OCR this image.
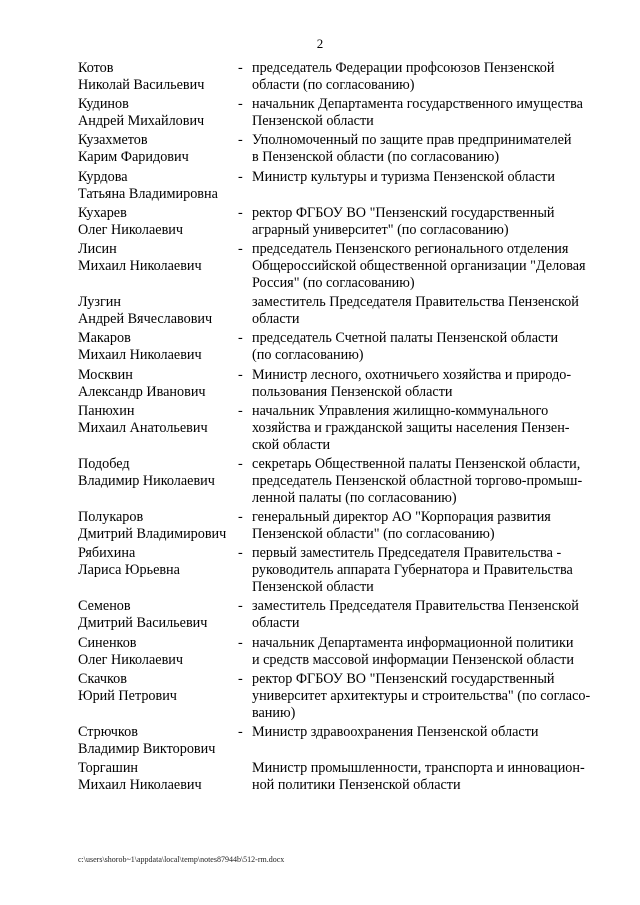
2
Котов
Николай Васильевич
- председатель Федерации профсоюзов Пензенской
области (по согласованию)
Кудинов
Андрей Михайлович
- начальник Департамента государственного имущества
Пензенской области
Кузахметов
Карим Фаридович
- Уполномоченный по защите прав предпринимателей
в Пензенской области (по согласованию)
Курдова
Татьяна Владимировна
- Министр культуры и туризма Пензенской области
Кухарев
Олег Николаевич
- ректор ФГБОУ ВО "Пензенский государственный
аграрный университет" (по согласованию)
Лисин
Михаил Николаевич
- председатель Пензенского регионального отделения
Общероссийской общественной организации "Деловая
Россия" (по согласованию)
Лузгин
Андрей Вячеславович
заместитель Председателя Правительства Пензенской
области
Макаров
Михаил Николаевич
- председатель Счетной палаты Пензенской области
(по согласованию)
Москвин
Александр Иванович
- Министр лесного, охотничьего хозяйства и природо-
пользования Пензенской области
Панюхин
Михаил Анатольевич
- начальник Управления жилищно-коммунального
хозяйства и гражданской защиты населения Пензен-
ской области
Подобед
Владимир Николаевич
- секретарь Общественной палаты Пензенской области,
председатель Пензенской областной торгово-промыш-
ленной палаты (по согласованию)
Полукаров
Дмитрий Владимирович
- генеральный директор АО "Корпорация развития
Пензенской области" (по согласованию)
Рябихина
Лариса Юрьевна
- первый заместитель Председателя Правительства -
руководитель аппарата Губернатора и Правительства
Пензенской области
Семенов
Дмитрий Васильевич
- заместитель Председателя Правительства Пензенской
области
Синенков
Олег Николаевич
- начальник Департамента информационной политики
и средств массовой информации Пензенской области
Скачков
Юрий Петрович
- ректор ФГБОУ ВО "Пензенский государственный
университет архитектуры и строительства" (по согласо-
ванию)
Стрючков
Владимир Викторович
- Министр здравоохранения Пензенской области
Торгашин
Михаил Николаевич
Министр промышленности, транспорта и инновацион-
ной политики Пензенской области
c:\users\shorob~1\appdata\local\temp\notes87944b\512-rm.docx
